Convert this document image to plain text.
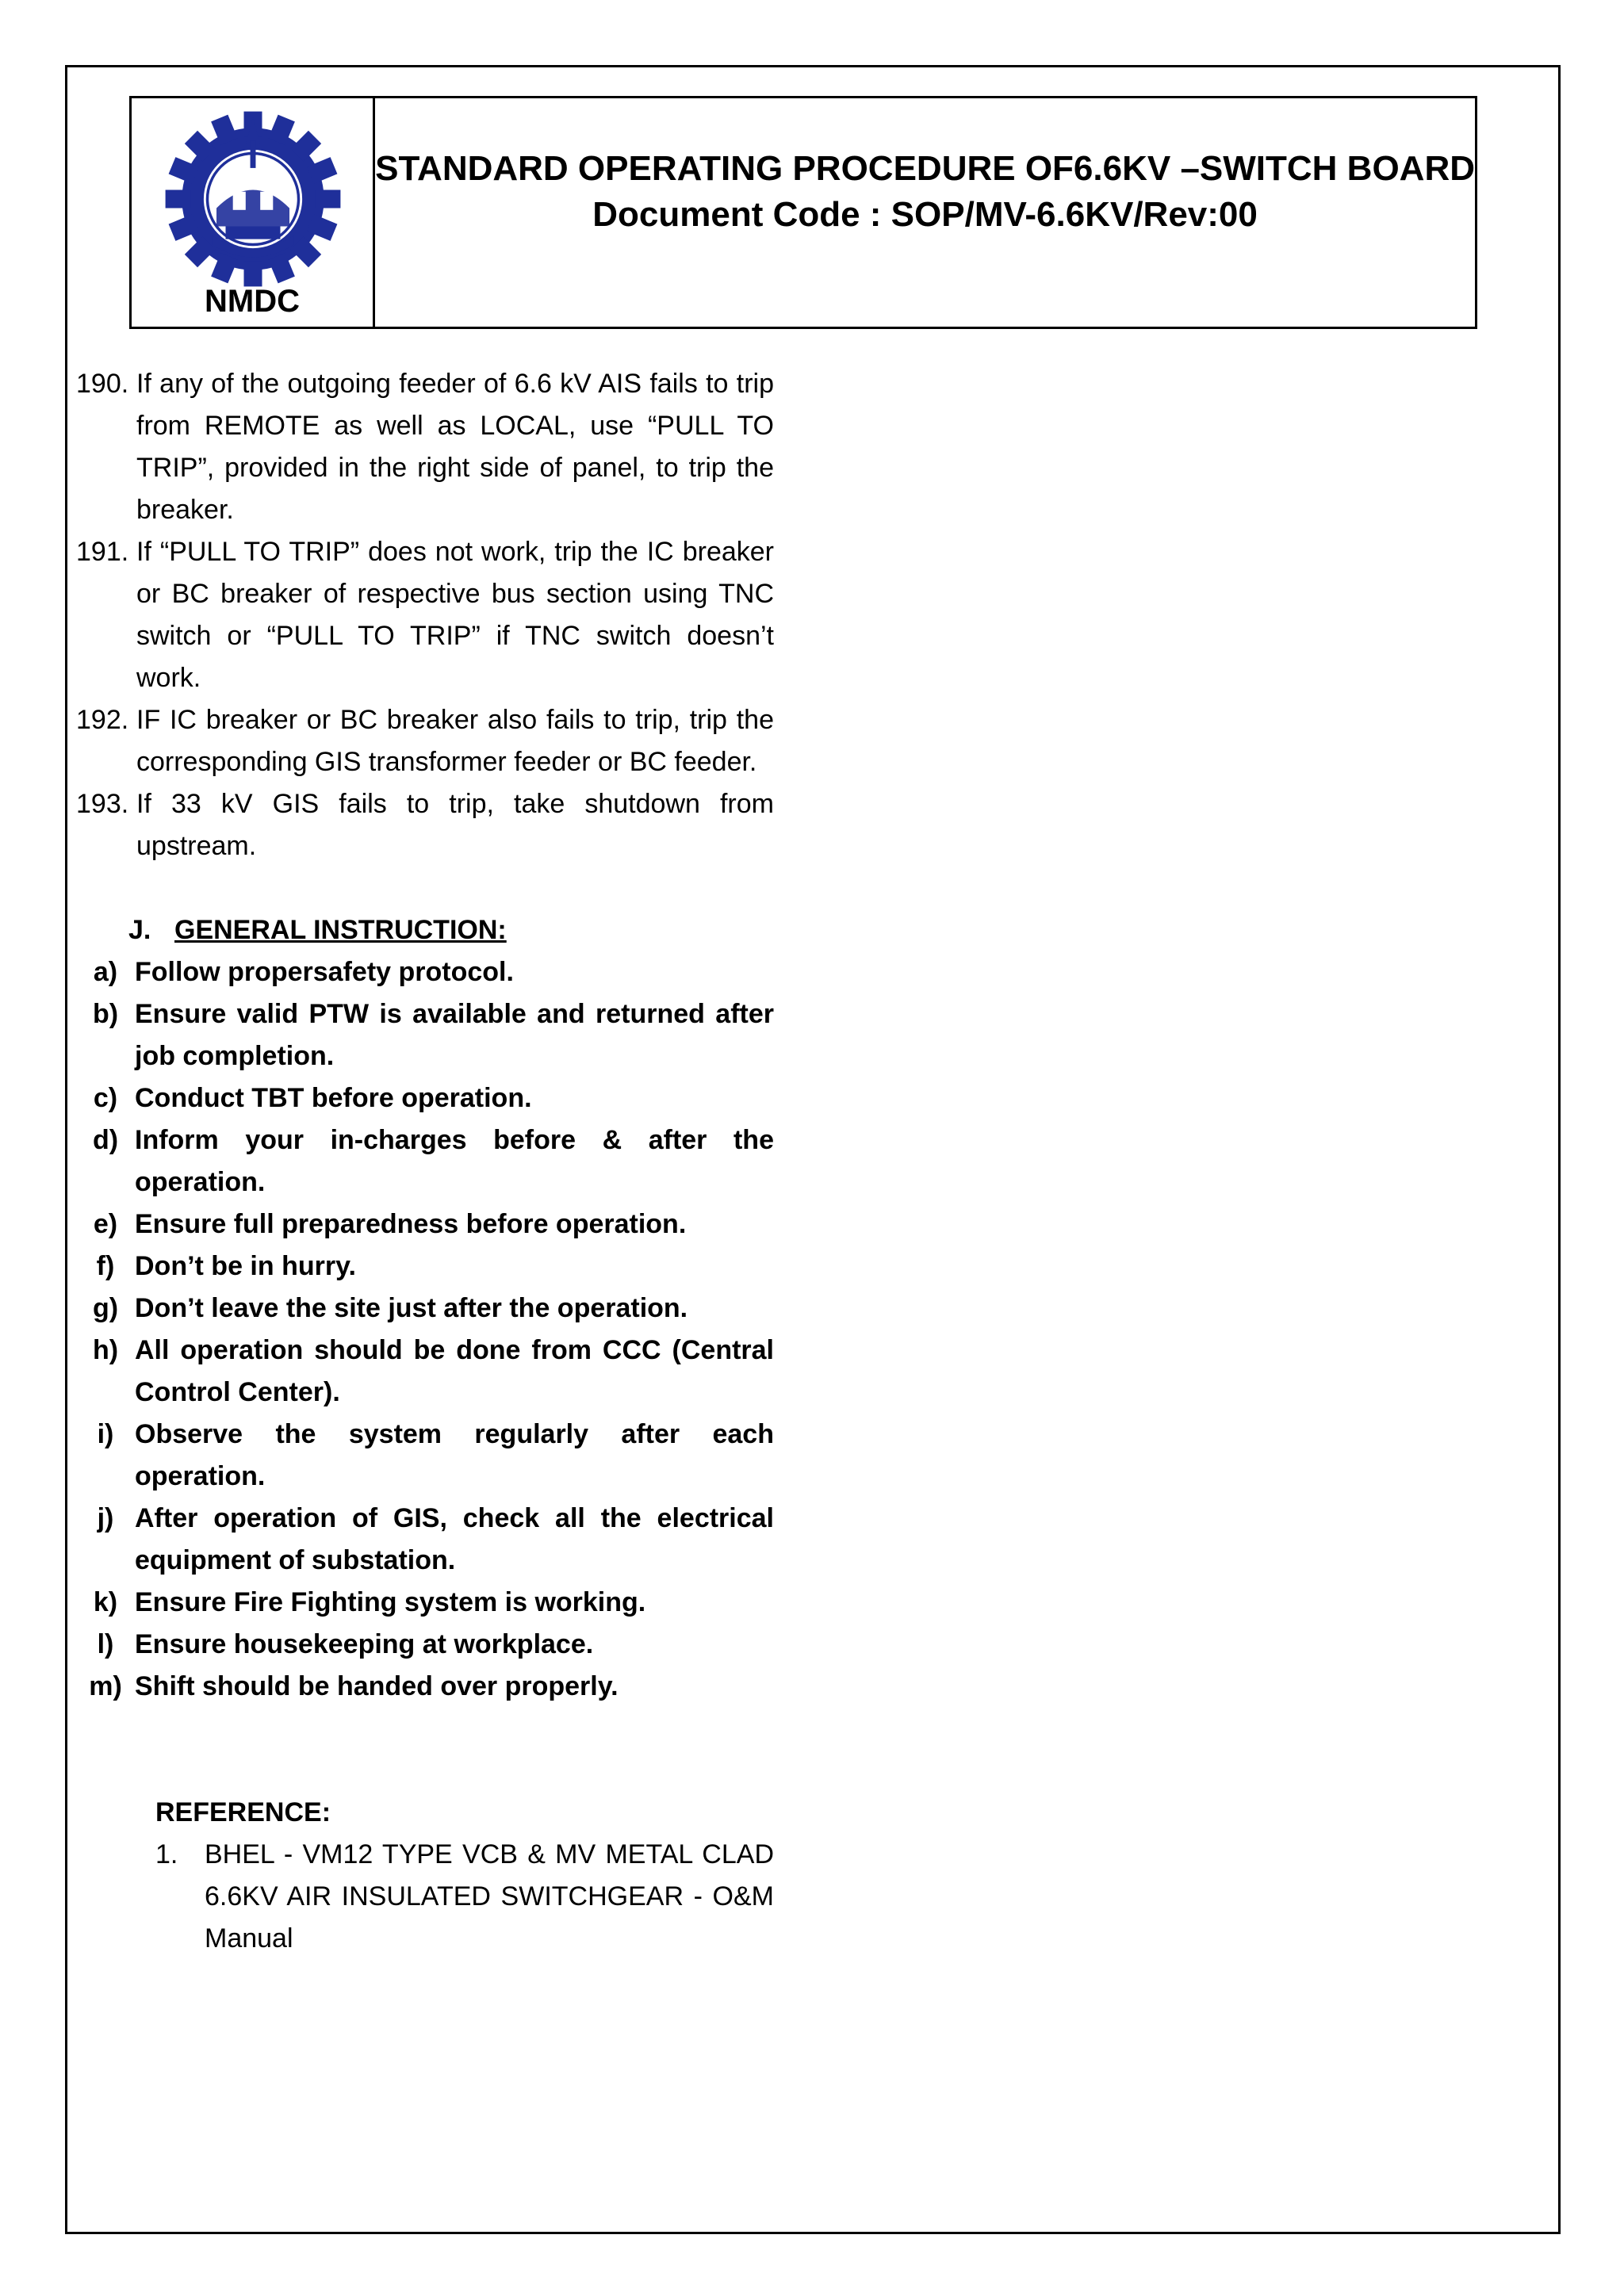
NMDC
STANDARD OPERATING PROCEDURE OF6.6KV –SWITCH BOARD
Document Code : SOP/MV-6.6KV/Rev:00
190. If any of the outgoing feeder of 6.6 kV AIS fails to trip from REMOTE as well as LOCAL, use “PULL TO TRIP”, provided in the right side of panel, to trip the breaker.
191. If “PULL TO TRIP” does not work, trip the IC breaker or BC breaker of respective bus section using TNC switch or “PULL TO TRIP” if TNC switch doesn’t work.
192. IF IC breaker or BC breaker also fails to trip, trip the corresponding GIS transformer feeder or BC feeder.
193. If 33 kV GIS fails to trip, take shutdown from upstream.
J. GENERAL INSTRUCTION:
a) Follow propersafety protocol.
b) Ensure valid PTW is available and returned after job completion.
c) Conduct TBT before operation.
d) Inform your in-charges before & after the operation.
e) Ensure full preparedness before operation.
f) Don’t be in hurry.
g) Don’t leave the site just after the operation.
h) All operation should be done from CCC (Central Control Center).
i) Observe the system regularly after each operation.
j) After operation of GIS, check all the electrical equipment of substation.
k) Ensure Fire Fighting system is working.
l) Ensure housekeeping at workplace.
m) Shift should be handed over properly.
REFERENCE:
1. BHEL - VM12 TYPE VCB & MV METAL CLAD 6.6KV AIR INSULATED SWITCHGEAR - O&M Manual
